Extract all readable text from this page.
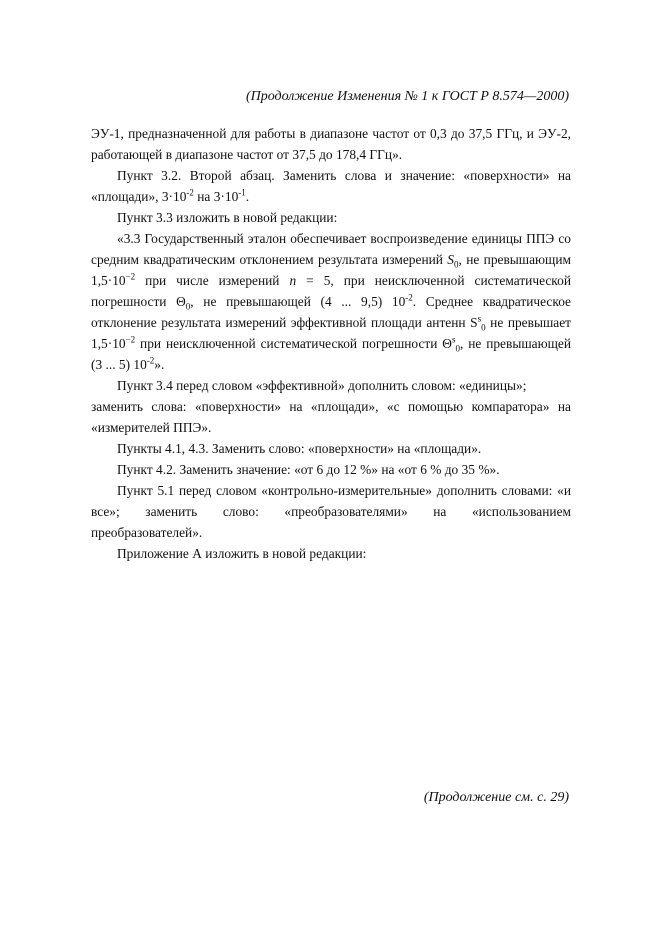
(Продолжение Изменения № 1 к ГОСТ Р 8.574—2000)

ЭУ-1, предназначенной для работы в диапазоне частот от 0,3 до 37,5 ГГц, и ЭУ-2, работающей в диапазоне частот от 37,5 до 178,4 ГГц».

Пункт 3.2. Второй абзац. Заменить слова и значение: «поверхности» на «площади», $3\cdot 10^{-2}$ на $3\cdot 10^{-1}$.

Пункт 3.3 изложить в новой редакции:

«3.3 Государственный эталон обеспечивает воспроизведение единицы ППЭ со средним квадратическим отклонением результата измерений $S_0$, не превышающим $1,5\cdot 10^{-2}$ при числе измерений n = 5, при неисключенной систематической погрешности $\Theta_0$, не превышающей (4 ... 9,5) $10^{-2}$. Среднее квадратическое отклонение результата измерений эффективной площади антенн $S^s_0$ не превышает $1,5\cdot 10^{-2}$ при неисключенной систематической погрешности $\Theta^s_0$, не превышающей (3 ... 5) $10^{-2}$».

Пункт 3.4 перед словом «эффективной» дополнить словом: «единицы»;

заменить слова: «поверхности» на «площади», «с помощью компаратора» на «измерителей ППЭ».

Пункты 4.1, 4.3. Заменить слово: «поверхности» на «площади».

Пункт 4.2. Заменить значение: «от 6 до 12 %» на «от 6 % до 35 %».

Пункт 5.1 перед словом «контрольно-измерительные» дополнить словами: «и все»; заменить слово: «преобразователями» на «использованием преобразователей».

Приложение А изложить в новой редакции:

(Продолжение см. с. 29)
